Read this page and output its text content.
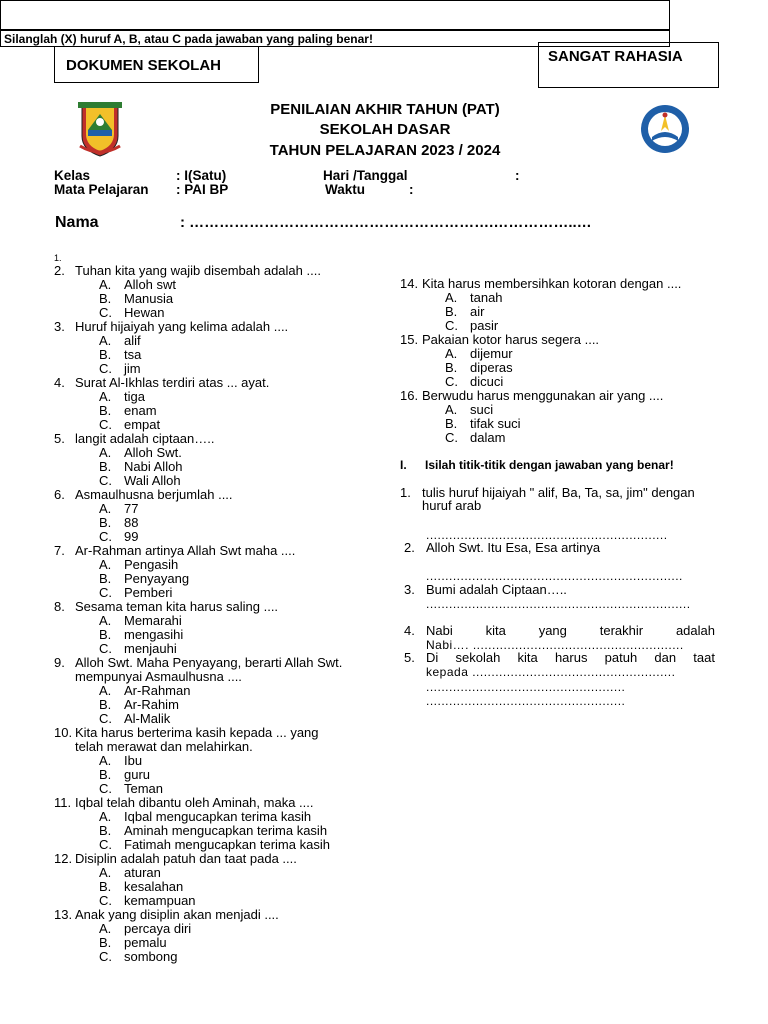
DOKUMEN SEKOLAH
SANGAT RAHASIA
PENILAIAN AKHIR TAHUN (PAT)
SEKOLAH DASAR
TAHUN PELAJARAN 2023 / 2024
Kelas	: I(Satu)	Hari /Tanggal	:
Mata Pelajaran : PAI BP	Waktu	:
Nama	: …………………………………………………….……………..…
Silanglah (X) huruf A, B, atau C pada jawaban yang paling benar!
1.
2. Tuhan kita yang wajib disembah adalah ....
A. Alloh swt
B. Manusia
C. Hewan
3. Huruf hijaiyah yang kelima adalah ....
A. alif
B. tsa
C. jim
4. Surat Al-Ikhlas terdiri atas ... ayat.
A. tiga
B. enam
C. empat
5. langit adalah ciptaan…..
A. Alloh Swt.
B. Nabi Alloh
C. Wali Alloh
6. Asmaulhusna berjumlah ....
A. 77
B. 88
C. 99
7. Ar-Rahman artinya Allah Swt maha ....
A. Pengasih
B. Penyayang
C. Pemberi
8. Sesama teman kita harus saling ....
A. Memarahi
B. mengasihi
C. menjauhi
9. Alloh Swt. Maha Penyayang, berarti Allah Swt.
mempunyai Asmaulhusna ....
A. Ar-Rahman
B. Ar-Rahim
C. Al-Malik
10. Kita harus berterima kasih kepada ... yang
telah merawat dan melahirkan.
A. Ibu
B. guru
C. Teman
11. Iqbal telah dibantu oleh Aminah, maka ....
A. Iqbal mengucapkan terima kasih
B. Aminah mengucapkan terima kasih
C. Fatimah mengucapkan terima kasih
12. Disiplin adalah patuh dan taat pada ....
A. aturan
B. kesalahan
C. kemampuan
13. Anak yang disiplin akan menjadi ....
A. percaya diri
B. pemalu
C. sombong
14. Kita harus membersihkan kotoran dengan ....
A. tanah
B. air
C. pasir
15. Pakaian kotor harus segera ....
A. dijemur
B. diperas
C. dicuci
16. Berwudu harus menggunakan air yang ....
A. suci
B. tifak suci
C. dalam
I. Isilah titik-titik dengan jawaban yang benar!
1. tulis huruf hijaiyah " alif, Ba, Ta, sa, jim" dengan
huruf arab
...............................................................
2. Alloh Swt. Itu Esa, Esa artinya
...................................................................
3. Bumi adalah Ciptaan…..
.....................................................................
4. Nabi kita yang terakhir adalah
Nabi…. .......................................................
5. Di sekolah kita harus patuh dan taat
kepada .....................................................
....................................................
....................................................
